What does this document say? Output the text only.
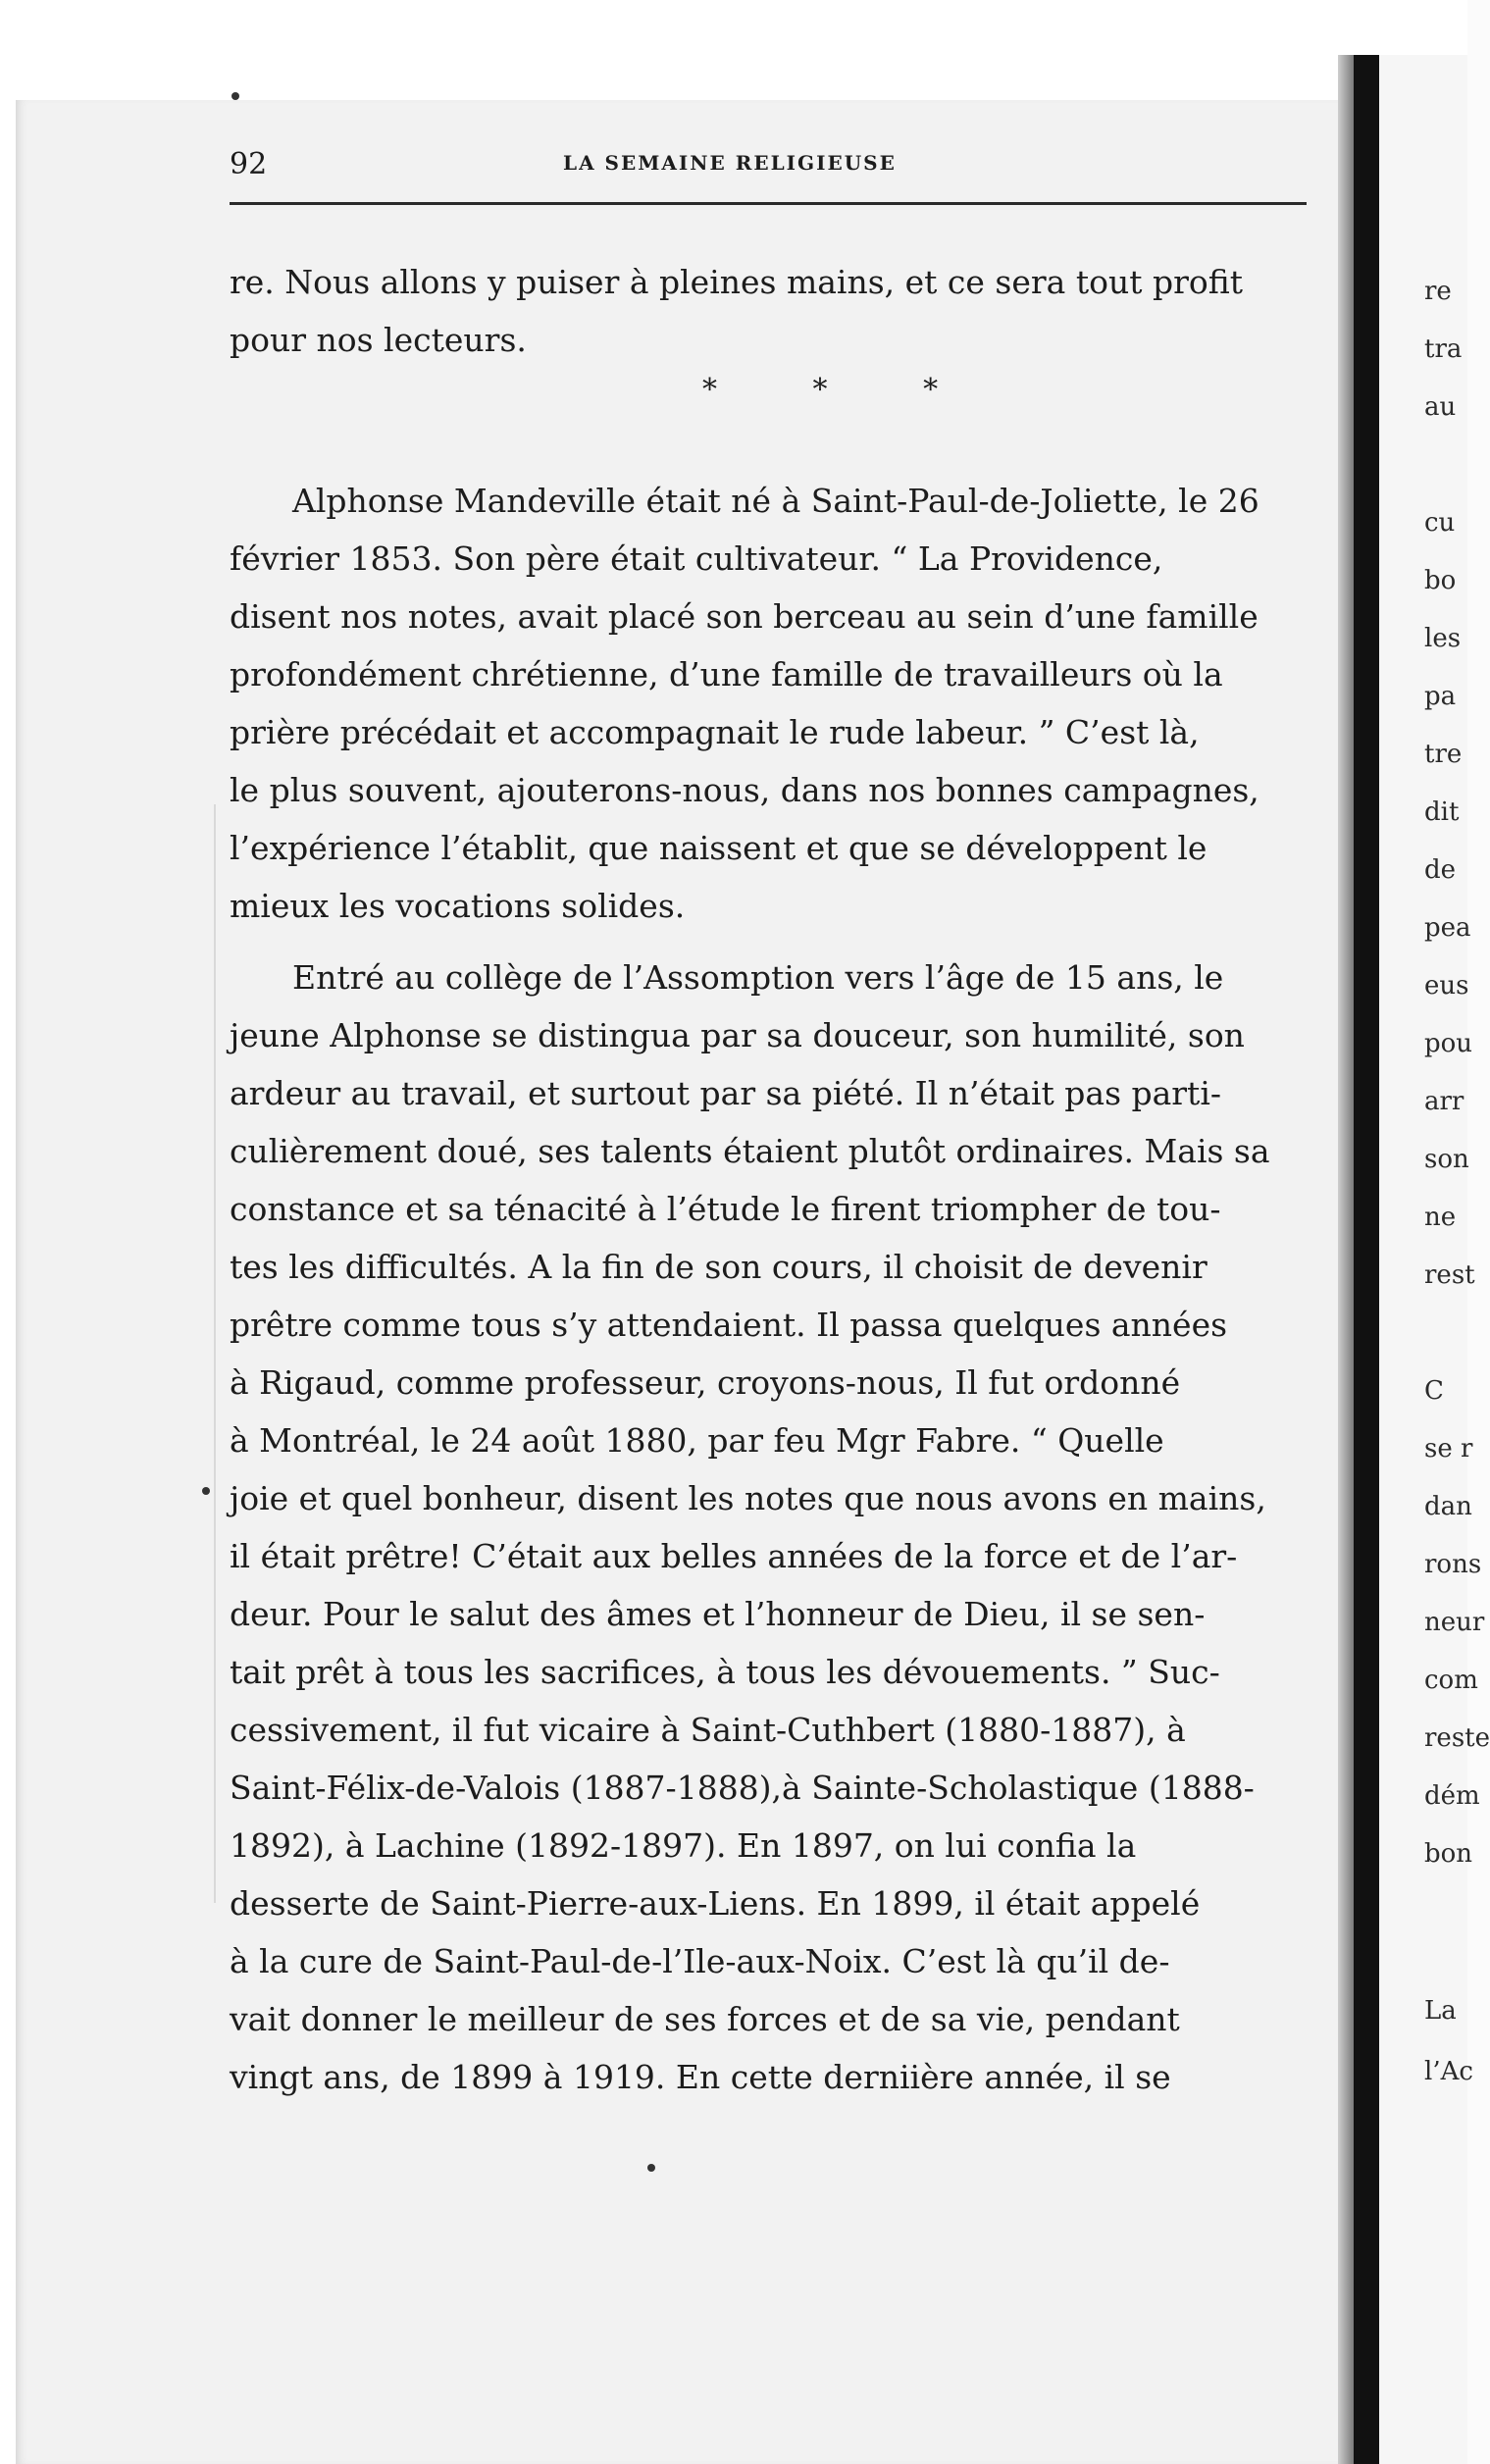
92	LA SEMAINE RELIGIEUSE
re. Nous allons y puiser à pleines mains, et ce sera tout profit
pour nos lecteurs.
Alphonse Mandeville était né à Saint-Paul-de-Joliette, le 26
février 1853. Son père était cultivateur. “ La Providence,
disent nos notes, avait placé son berceau au sein d’une famille
profondément chrétienne, d’une famille de travailleurs où la
prière précédait et accompagnait le rude labeur. ” C’est là,
le plus souvent, ajouterons-nous, dans nos bonnes campagnes,
l’expérience l’établit, que naissent et que se développent le
mieux les vocations solides.
Entré au collège de l’Assomption vers l’âge de 15 ans, le
jeune Alphonse se distingua par sa douceur, son humilité, son
ardeur au travail, et surtout par sa piété. Il n’était pas parti-
culièrement doué, ses talents étaient plutôt ordinaires. Mais sa
constance et sa ténacité à l’étude le firent triompher de tou-
tes les difficultés. A la fin de son cours, il choisit de devenir
prêtre comme tous s’y attendaient. Il passa quelques années
à Rigaud, comme professeur, croyons-nous, Il fut ordonné
à Montréal, le 24 août 1880, par feu Mgr Fabre. “ Quelle
joie et quel bonheur, disent les notes que nous avons en mains,
il était prêtre! C’était aux belles années de la force et de l’ar-
deur. Pour le salut des âmes et l’honneur de Dieu, il se sen-
tait prêt à tous les sacrifices, à tous les dévouements. ” Suc-
cessivement, il fut vicaire à Saint-Cuthbert (1880-1887), à
Saint-Félix-de-Valois (1887-1888),à Sainte-Scholastique (1888-
1892), à Lachine (1892-1897). En 1897, on lui confia la
desserte de Saint-Pierre-aux-Liens. En 1899, il était appelé
à la cure de Saint-Paul-de-l’Ile-aux-Noix. C’est là qu’il de-
vait donner le meilleur de ses forces et de sa vie, pendant
vingt ans, de 1899 à 1919. En cette derniière année, il se
* * *
re
tra
au
cu
bo
les
pa
tre
dit
de
pea
eus
pou
arr
son
ne
rest
C
se r
dan
rons
neur
com
reste
dém
bon
La
l’Ac
